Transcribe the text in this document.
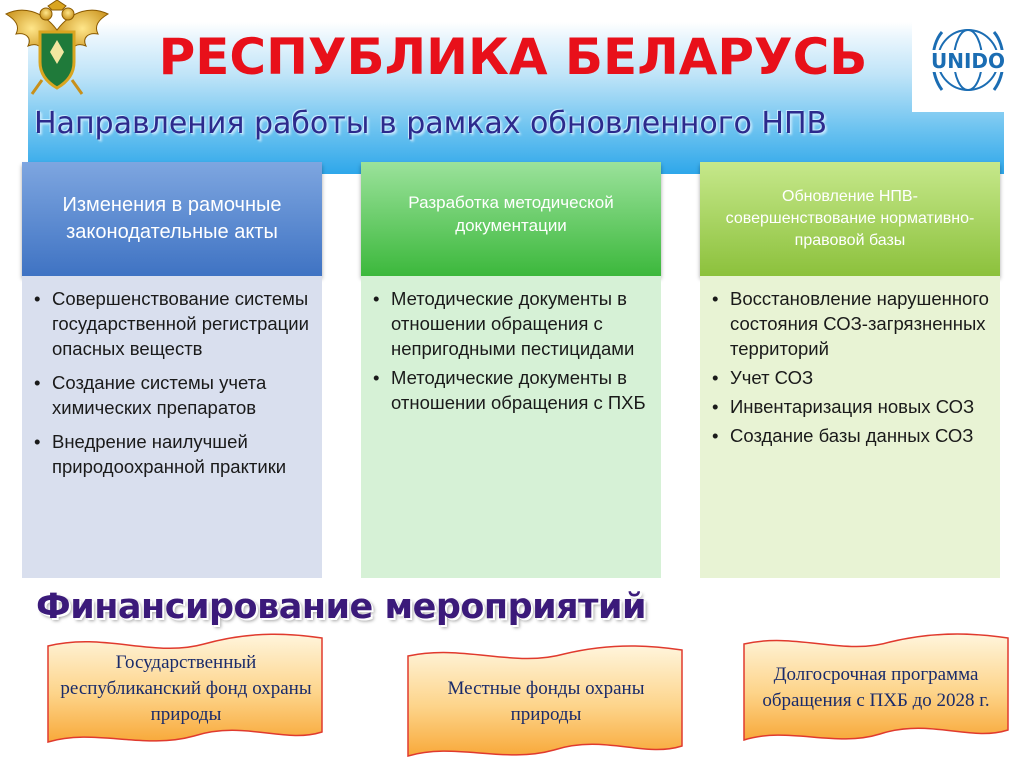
UNIDO
РЕСПУБЛИКА БЕЛАРУСЬ
Направления работы в рамках обновленного НПВ
Изменения в рамочные законодательные акты
• Совершенствование системы государственной регистрации опасных веществ
• Создание системы учета химических препаратов
• Внедрение наилучшей природоохранной практики
Разработка методической документации
• Методические документы в отношении обращения с непригодными пестицидами
• Методические документы в отношении обращения с ПХБ
Обновление НПВ-совершенствование нормативно-правовой базы
• Восстановление нарушенного состояния СОЗ-загрязненных территорий
• Учет СОЗ
• Инвентаризация новых СОЗ
• Создание базы данных СОЗ
Финансирование мероприятий
Государственный республиканский фонд охраны природы
Местные фонды охраны природы
Долгосрочная программа обращения с ПХБ до 2028 г.
